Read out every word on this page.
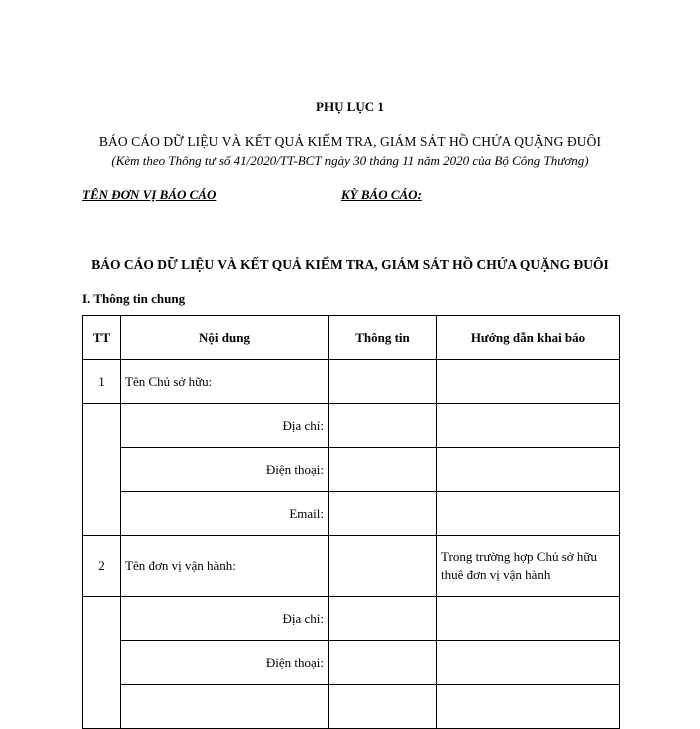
PHỤ LỤC 1
BÁO CÁO DỮ LIỆU VÀ KẾT QUẢ KIỂM TRA, GIÁM SÁT HỒ CHỨA QUẶNG ĐUÔI
(Kèm theo Thông tư số 41/2020/TT-BCT ngày 30 tháng 11 năm 2020 của Bộ Công Thương)
TÊN ĐƠN VỊ BÁO CÁO	KỲ BÁO CÁO:
BÁO CÁO DỮ LIỆU VÀ KẾT QUẢ KIỂM TRA, GIÁM SÁT HỒ CHỨA QUẶNG ĐUÔI
I. Thông tin chung
TT	Nội dung	Thông tin	Hướng dẫn khai báo
1	Tên Chủ sở hữu:		
	Địa chỉ:		
	Điện thoại:		
	Email:		
2	Tên đơn vị vận hành:		Trong trường hợp Chủ sở hữu thuê đơn vị vận hành
	Địa chỉ:		
	Điện thoại:		
